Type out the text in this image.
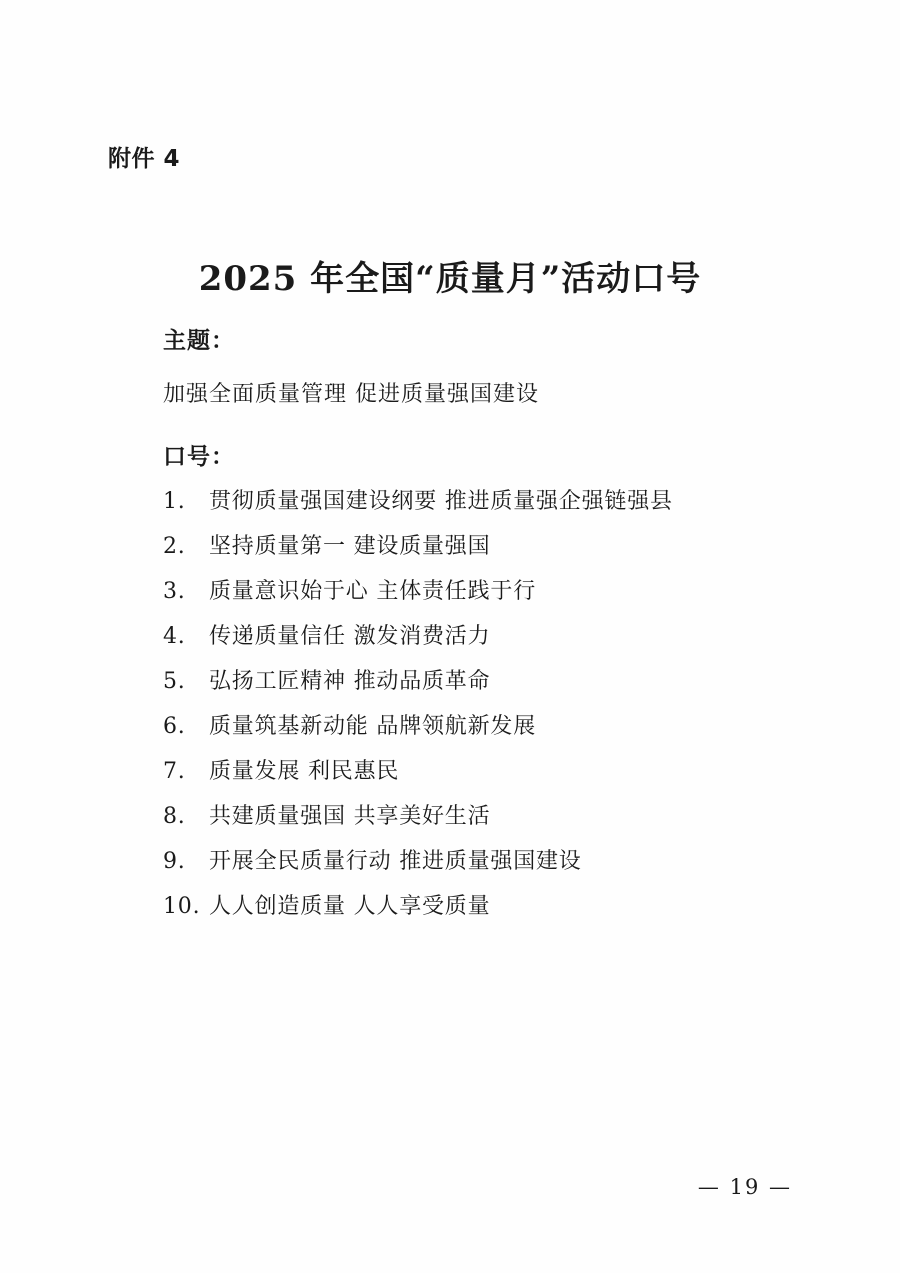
附件 4
2025 年全国“质量月”活动口号
主题：
加强全面质量管理 促进质量强国建设
口号：
1.	贯彻质量强国建设纲要 推进质量强企强链强县
2.	坚持质量第一 建设质量强国
3.	质量意识始于心 主体责任践于行
4.	传递质量信任 激发消费活力
5.	弘扬工匠精神 推动品质革命
6.	质量筑基新动能 品牌领航新发展
7.	质量发展 利民惠民
8.	共建质量强国 共享美好生活
9.	开展全民质量行动 推进质量强国建设
10. 人人创造质量 人人享受质量
— 19 —
